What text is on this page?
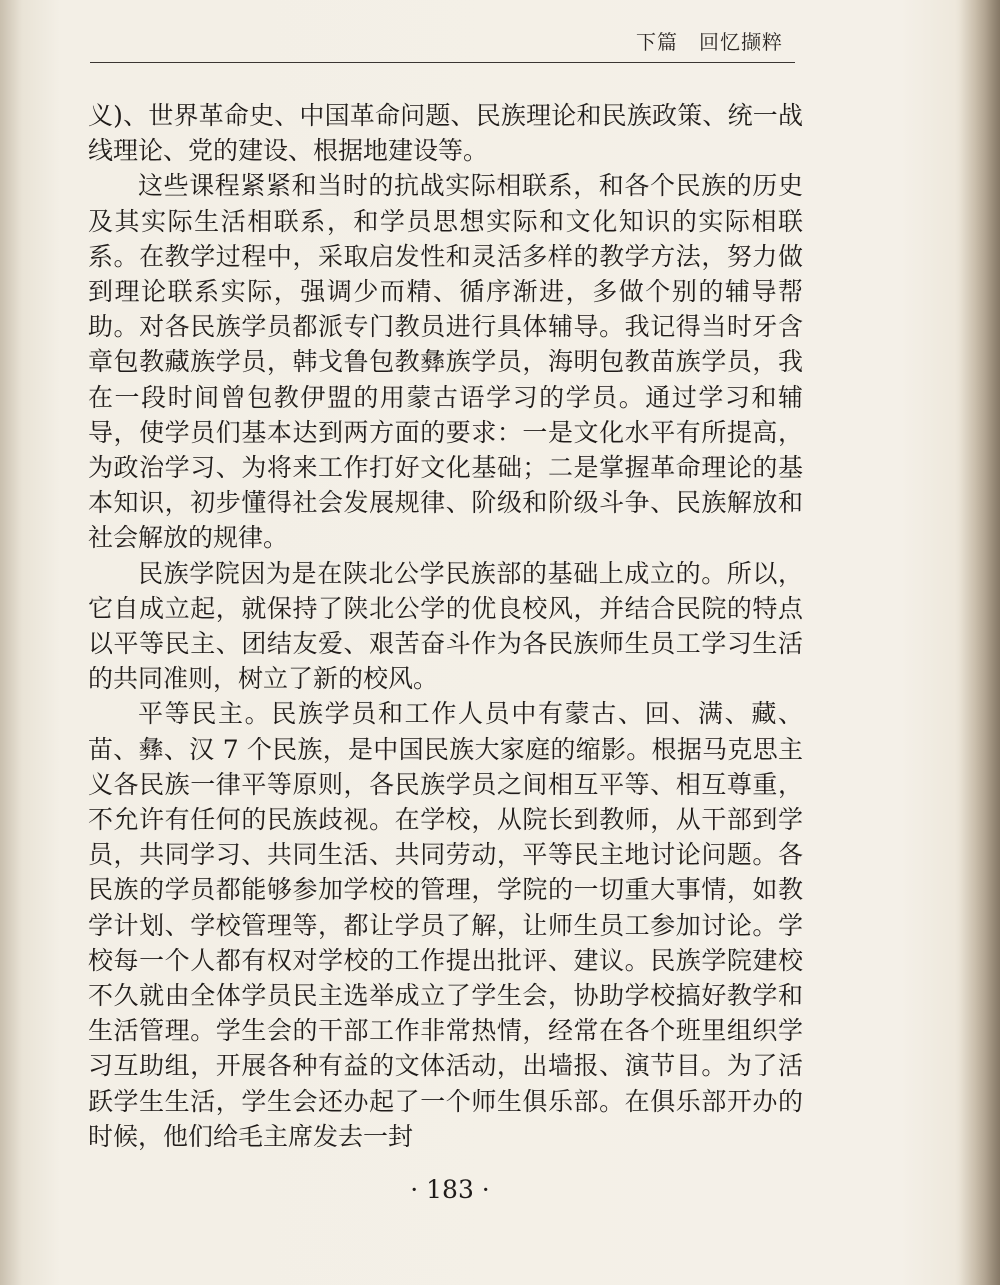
下篇　回忆撷粹

义)、世界革命史、中国革命问题、民族理论和民族政策、统一战线理论、党的建设、根据地建设等。

这些课程紧紧和当时的抗战实际相联系，和各个民族的历史及其实际生活相联系，和学员思想实际和文化知识的实际相联系。在教学过程中，采取启发性和灵活多样的教学方法，努力做到理论联系实际，强调少而精、循序渐进，多做个别的辅导帮助。对各民族学员都派专门教员进行具体辅导。我记得当时牙含章包教藏族学员，韩戈鲁包教彝族学员，海明包教苗族学员，我在一段时间曾包教伊盟的用蒙古语学习的学员。通过学习和辅导，使学员们基本达到两方面的要求：一是文化水平有所提高，为政治学习、为将来工作打好文化基础；二是掌握革命理论的基本知识，初步懂得社会发展规律、阶级和阶级斗争、民族解放和社会解放的规律。

民族学院因为是在陕北公学民族部的基础上成立的。所以，它自成立起，就保持了陕北公学的优良校风，并结合民院的特点以平等民主、团结友爱、艰苦奋斗作为各民族师生员工学习生活的共同准则，树立了新的校风。

平等民主。民族学员和工作人员中有蒙古、回、满、藏、苗、彝、汉 7 个民族，是中国民族大家庭的缩影。根据马克思主义各民族一律平等原则，各民族学员之间相互平等、相互尊重，不允许有任何的民族歧视。在学校，从院长到教师，从干部到学员，共同学习、共同生活、共同劳动，平等民主地讨论问题。各民族的学员都能够参加学校的管理，学院的一切重大事情，如教学计划、学校管理等，都让学员了解，让师生员工参加讨论。学校每一个人都有权对学校的工作提出批评、建议。民族学院建校不久就由全体学员民主选举成立了学生会，协助学校搞好教学和生活管理。学生会的干部工作非常热情，经常在各个班里组织学习互助组，开展各种有益的文体活动，出墙报、演节目。为了活跃学生生活，学生会还办起了一个师生俱乐部。在俱乐部开办的时候，他们给毛主席发去一封

· 183 ·
